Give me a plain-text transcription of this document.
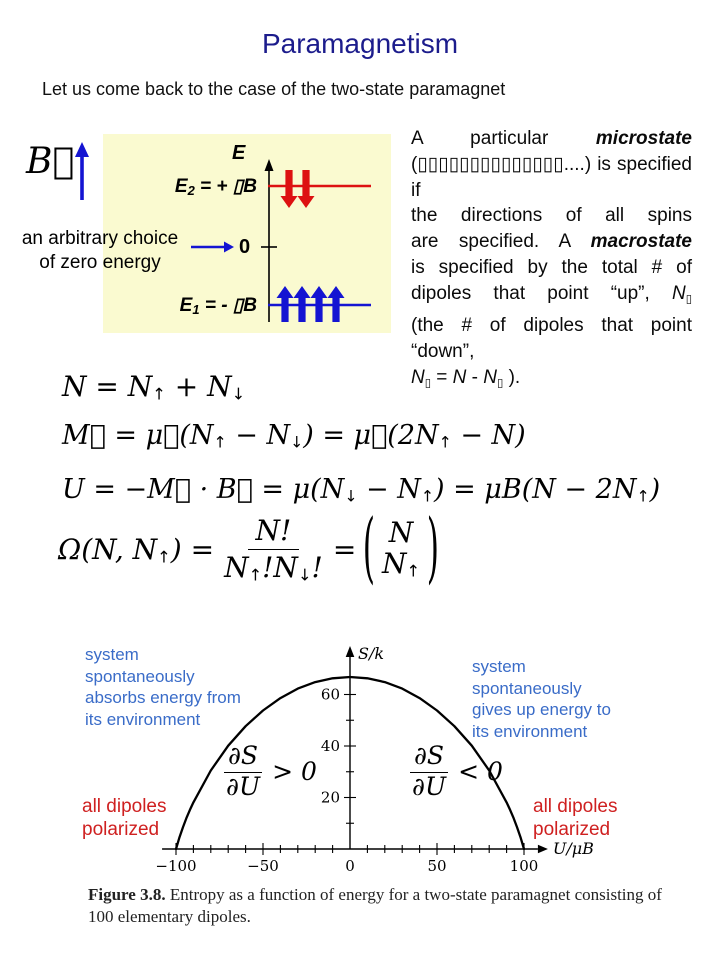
Paramagnetism
Let us come back to the case of the two-state paramagnet
B⃗
an arbitrary choice
of zero energy
E
E2 = + ▯B
0
E1 = - ▯B
A particular	microstate
(▯▯▯▯▯▯▯▯▯▯▯▯▯▯....) is specified if
the directions of all spins
are specified. A macrostate
is specified by the total # of
dipoles that point “up”, N▯
(the # of dipoles that point
“down”,
N▯ = N - N▯ ).
N = N↑ + N↓
M⃗ = μ⃗(N↑ − N↓) = μ⃗(2N↑ − N)
U = −M⃗ · B⃗ = μ(N↓ − N↑) = μB(N − 2N↑)
Ω(N, N↑) = $\frac{N!}{N↑!N↓!}$ = ( N
N↑ )
U/μB
S/k
−100	−50	0	50	100
20
40
60
system
spontaneously
absorbs energy from
its environment
system
spontaneously
gives up energy to
its environment
all dipoles
polarized
all dipoles
polarized
$\frac{\partial S}{\partial U} > 0$	$\frac{\partial S}{\partial U} < 0$
Figure 3.8. Entropy as a function of energy for a two-state paramagnet consisting of 100 elementary dipoles.
